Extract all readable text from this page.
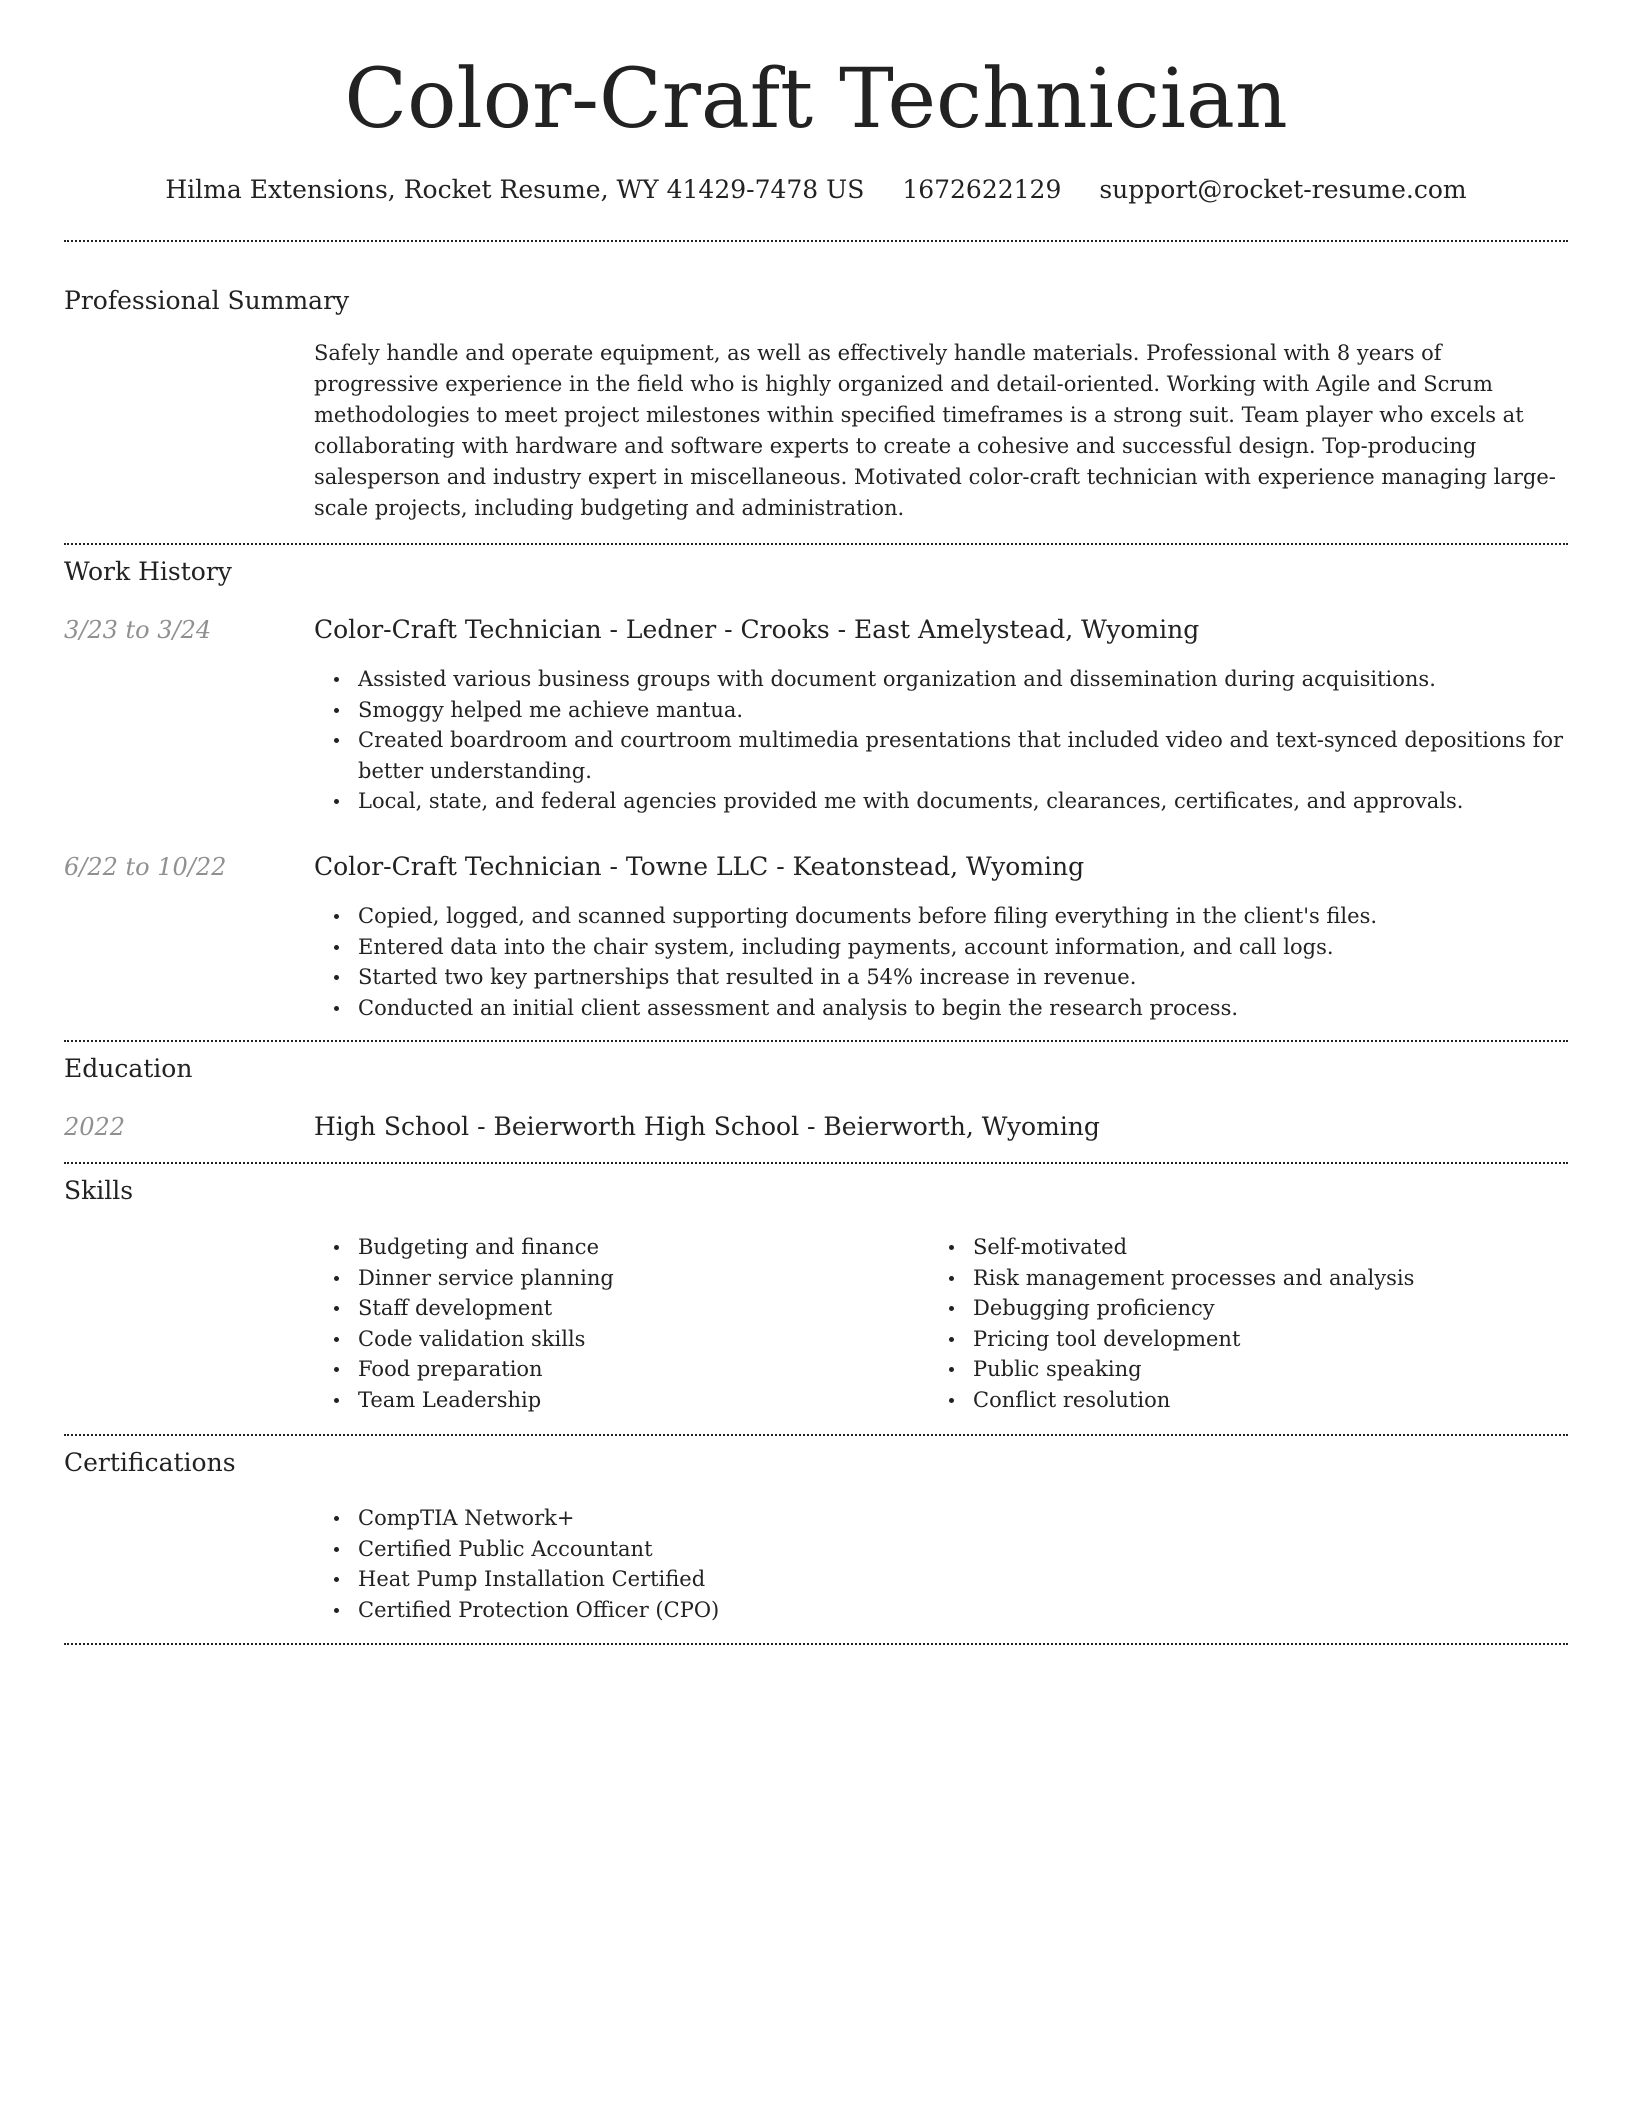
Color-Craft Technician
Hilma Extensions, Rocket Resume, WY 41429-7478 US 1672622129 support@rocket-resume.com
Professional Summary
Safely handle and operate equipment, as well as effectively handle materials. Professional with 8 years of progressive experience in the field who is highly organized and detail-oriented. Working with Agile and Scrum methodologies to meet project milestones within specified timeframes is a strong suit. Team player who excels at collaborating with hardware and software experts to create a cohesive and successful design. Top-producing salesperson and industry expert in miscellaneous. Motivated color-craft technician with experience managing large-scale projects, including budgeting and administration.
Work History
3/23 to 3/24	Color-Craft Technician - Ledner - Crooks - East Amelystead, Wyoming
Assisted various business groups with document organization and dissemination during acquisitions.
Smoggy helped me achieve mantua.
Created boardroom and courtroom multimedia presentations that included video and text-synced depositions for better understanding.
Local, state, and federal agencies provided me with documents, clearances, certificates, and approvals.
6/22 to 10/22	Color-Craft Technician - Towne LLC - Keatonstead, Wyoming
Copied, logged, and scanned supporting documents before filing everything in the client's files.
Entered data into the chair system, including payments, account information, and call logs.
Started two key partnerships that resulted in a 54% increase in revenue.
Conducted an initial client assessment and analysis to begin the research process.
Education
2022	High School - Beierworth High School - Beierworth, Wyoming
Skills
Budgeting and finance
Dinner service planning
Staff development
Code validation skills
Food preparation
Team Leadership
Self-motivated
Risk management processes and analysis
Debugging proficiency
Pricing tool development
Public speaking
Conflict resolution
Certifications
CompTIA Network+
Certified Public Accountant
Heat Pump Installation Certified
Certified Protection Officer (CPO)
